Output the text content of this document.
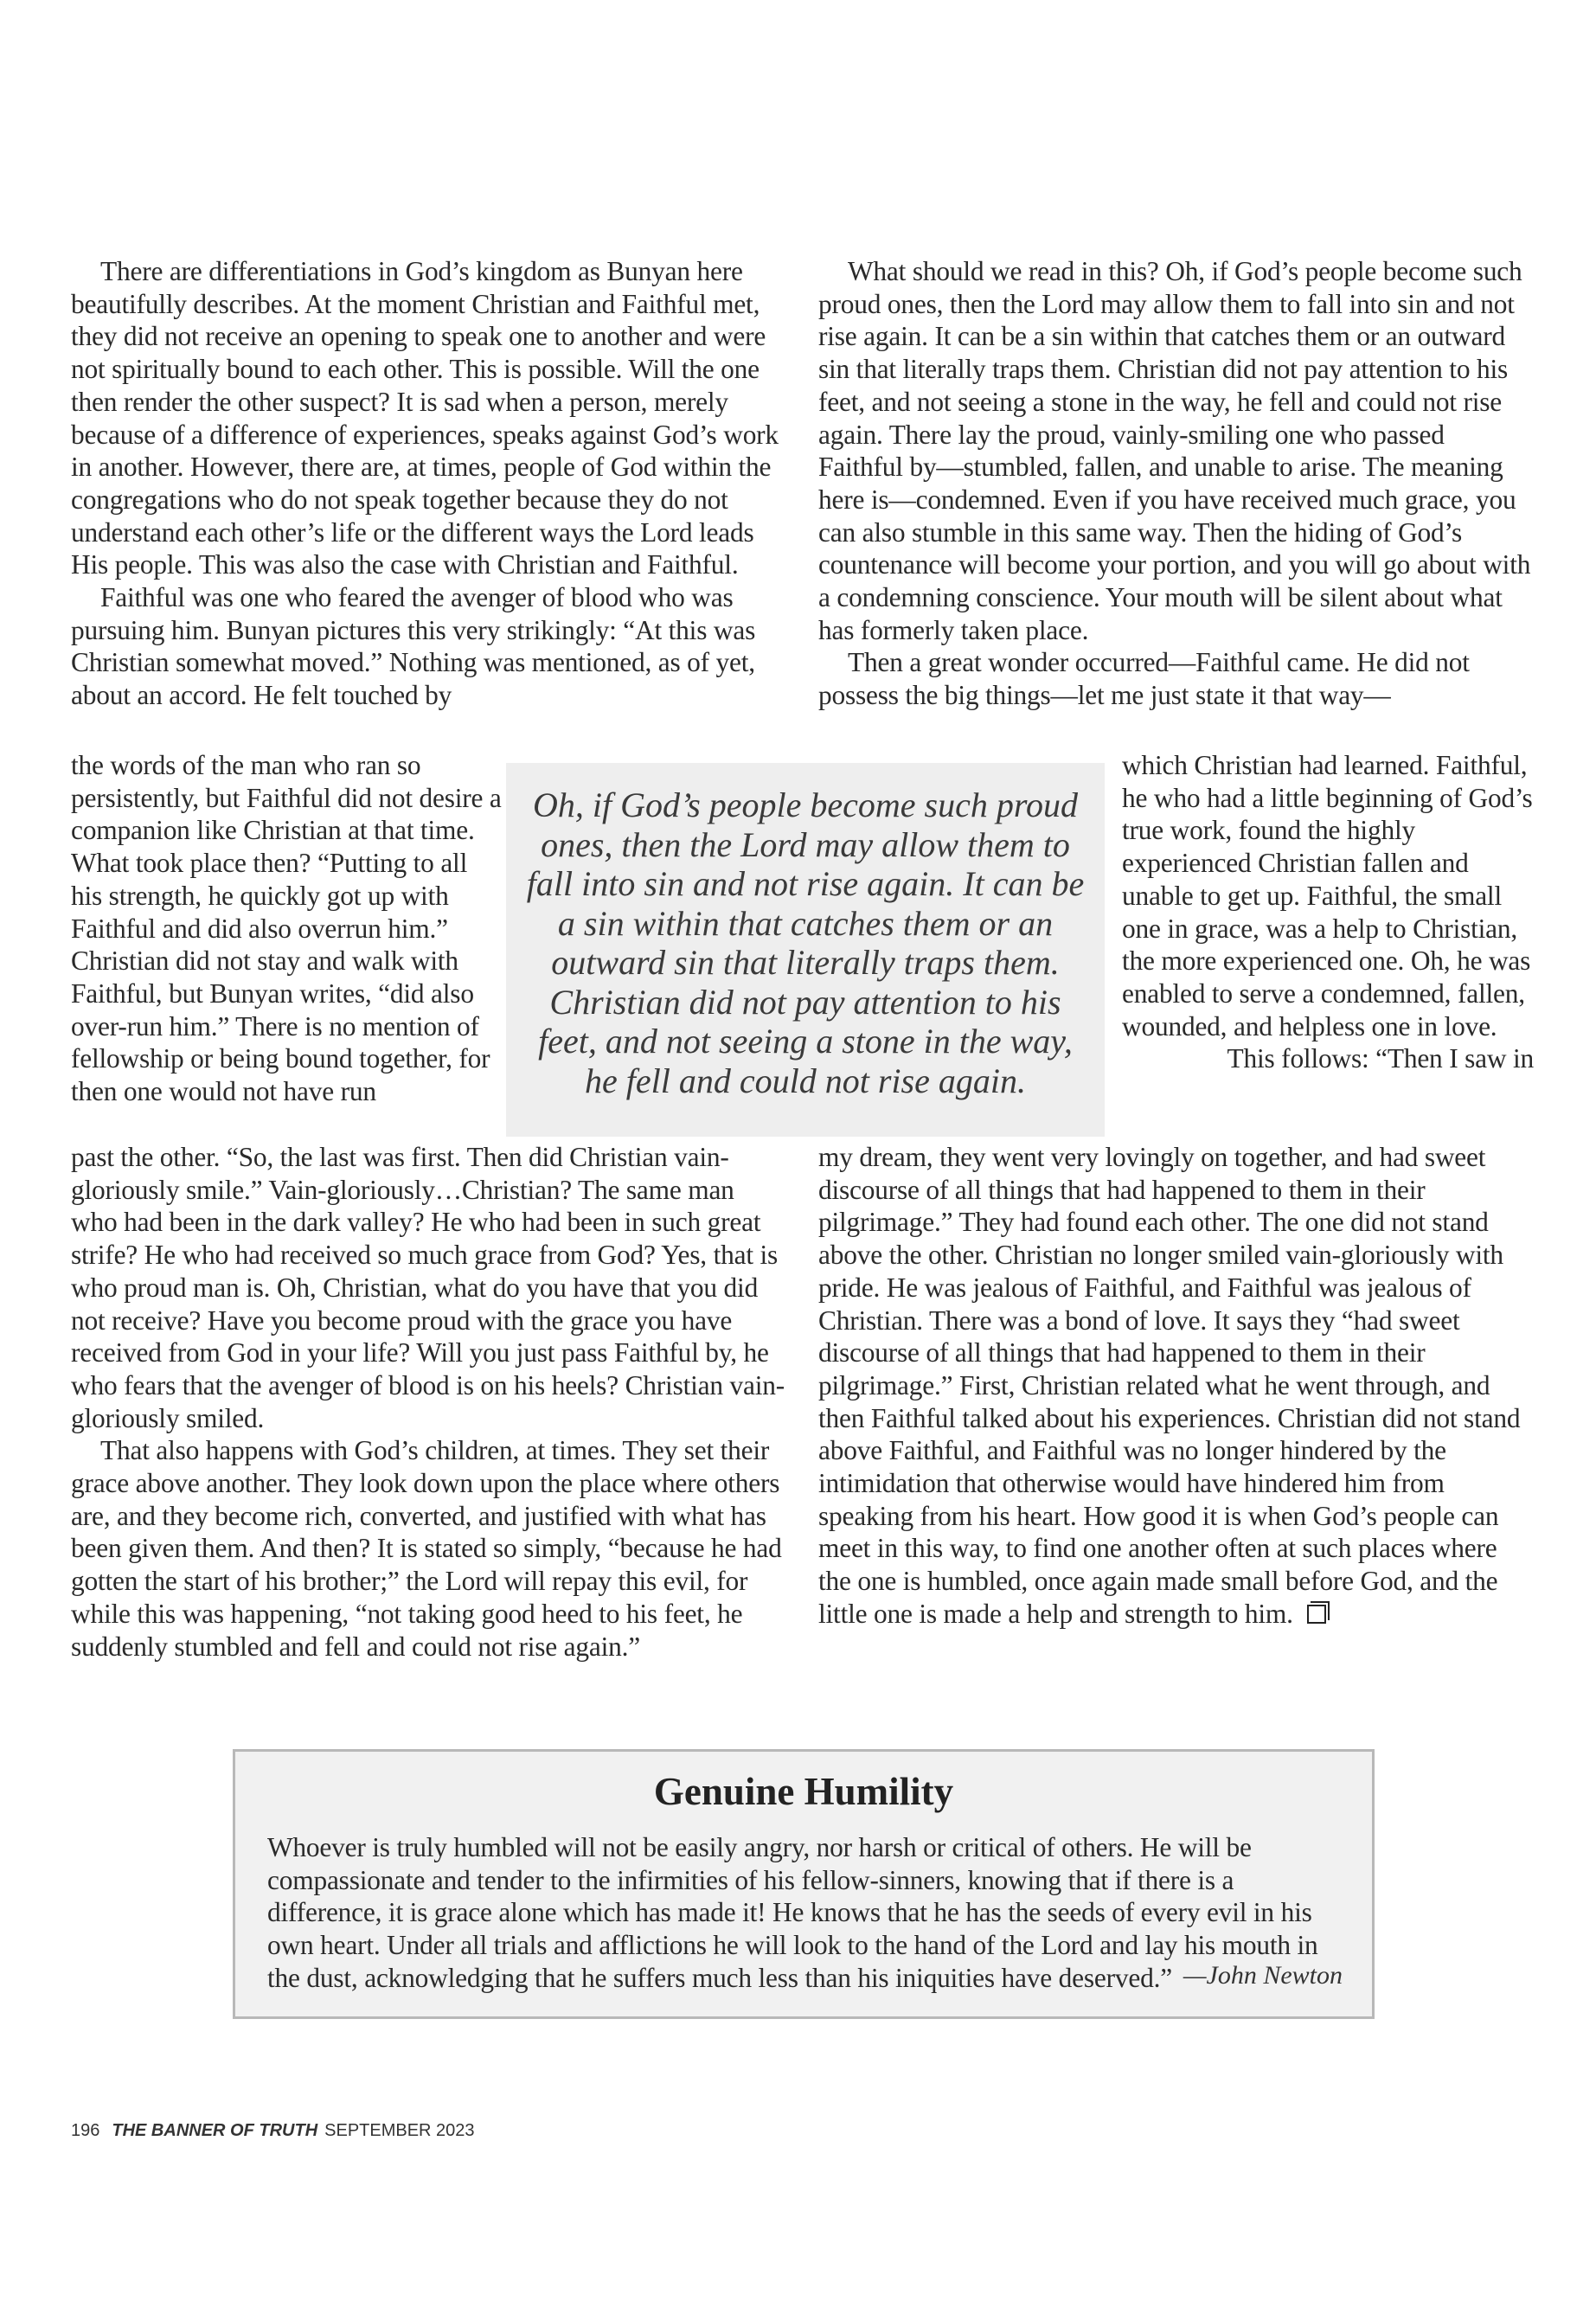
There are differentiations in God’s kingdom as Bunyan here beautifully describes. At the moment Christian and Faithful met, they did not receive an opening to speak one to another and were not spiritually bound to each other. This is possible. Will the one then render the other suspect? It is sad when a person, merely because of a difference of experiences, speaks against God’s work in another. However, there are, at times, people of God within the congregations who do not speak together because they do not understand each other’s life or the different ways the Lord leads His people. This was also the case with Christian and Faithful.

Faithful was one who feared the avenger of blood who was pursuing him. Bunyan pictures this very strikingly: “At this was Christian somewhat moved.” Nothing was mentioned, as of yet, about an accord. He felt touched by

the words of the man who ran so persistently, but Faithful did not desire a companion like Christian at that time. What took place then? “Putting to all his strength, he quickly got up with Faithful and did also overrun him.” Christian did not stay and walk with Faithful, but Bunyan writes, “did also over-run him.” There is no mention of fellowship or being bound together, for then one would not have run

past the other. “So, the last was first. Then did Christian vain-gloriously smile.” Vain-gloriously…Christian? The same man who had been in the dark valley? He who had been in such great strife? He who had received so much grace from God? Yes, that is who proud man is. Oh, Christian, what do you have that you did not receive? Have you become proud with the grace you have received from God in your life? Will you just pass Faithful by, he who fears that the avenger of blood is on his heels? Christian vain-gloriously smiled.

That also happens with God’s children, at times. They set their grace above another. They look down upon the place where others are, and they become rich, converted, and justified with what has been given them. And then? It is stated so simply, “because he had gotten the start of his brother;” the Lord will repay this evil, for while this was happening, “not taking good heed to his feet, he suddenly stumbled and fell and could not rise again.”

What should we read in this? Oh, if God’s people become such proud ones, then the Lord may allow them to fall into sin and not rise again. It can be a sin within that catches them or an outward sin that literally traps them. Christian did not pay attention to his feet, and not seeing a stone in the way, he fell and could not rise again. There lay the proud, vainly-smiling one who passed Faithful by—stumbled, fallen, and unable to arise. The meaning here is—condemned. Even if you have received much grace, you can also stumble in this same way. Then the hiding of God’s countenance will become your portion, and you will go about with a condemning conscience. Your mouth will be silent about what has formerly taken place.

Then a great wonder occurred—Faithful came. He did not possess the big things—let me just state it that way—

which Christian had learned. Faithful, he who had a little beginning of God’s true work, found the highly experienced Christian fallen and unable to get up. Faithful, the small one in grace, was a help to Christian, the more experienced one. Oh, he was enabled to serve a condemned, fallen, wounded, and helpless one in love.

This follows: “Then I saw in

my dream, they went very lovingly on together, and had sweet discourse of all things that had happened to them in their pilgrimage.” They had found each other. The one did not stand above the other. Christian no longer smiled vain-gloriously with pride. He was jealous of Faithful, and Faithful was jealous of Christian. There was a bond of love. It says they “had sweet discourse of all things that had happened to them in their pilgrimage.” First, Christian related what he went through, and then Faithful talked about his experiences. Christian did not stand above Faithful, and Faithful was no longer hindered by the intimidation that otherwise would have hindered him from speaking from his heart. How good it is when God’s people can meet in this way, to find one another often at such places where the one is humbled, once again made small before God, and the little one is made a help and strength to him.

Oh, if God’s people become such proud ones, then the Lord may allow them to fall into sin and not rise again. It can be a sin within that catches them or an outward sin that literally traps them. Christian did not pay attention to his feet, and not seeing a stone in the way, he fell and could not rise again.
Genuine Humility

Whoever is truly humbled will not be easily angry, nor harsh or critical of others. He will be compassionate and tender to the infirmities of his fellow-sinners, knowing that if there is a difference, it is grace alone which has made it! He knows that he has the seeds of every evil in his own heart. Under all trials and afflictions he will look to the hand of the Lord and lay his mouth in the dust, acknowledging that he suffers much less than his iniquities have deserved.” —John Newton
196 THE BANNER OF TRUTH SEPTEMBER 2023
